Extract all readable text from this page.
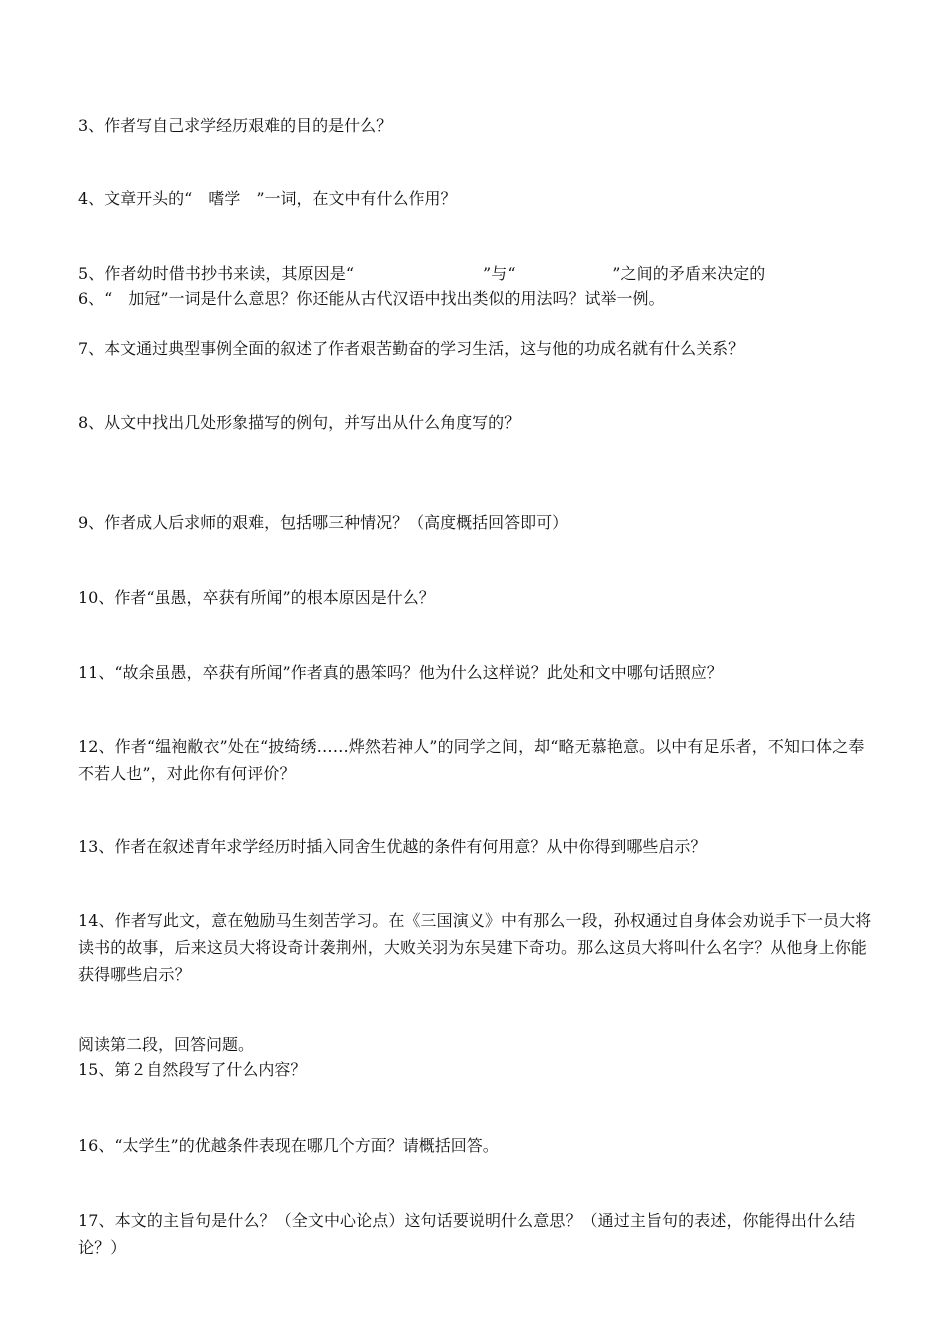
3、作者写自己求学经历艰难的目的是什么？
4、文章开头的“　嗜学　”一词，在文中有什么作用？
5、作者幼时借书抄书来读，其原因是“　　　　　　　　”与“　　　　　　”之间的矛盾来决定的
6、“　加冠”一词是什么意思？你还能从古代汉语中找出类似的用法吗？试举一例。
7、本文通过典型事例全面的叙述了作者艰苦勤奋的学习生活，这与他的功成名就有什么关系？
8、从文中找出几处形象描写的例句，并写出从什么角度写的？
9、作者成人后求师的艰难，包括哪三种情况？（高度概括回答即可）
10、作者“虽愚，卒获有所闻”的根本原因是什么？
11、“故余虽愚，卒获有所闻”作者真的愚笨吗？他为什么这样说？此处和文中哪句话照应？
12、作者“缊袍敝衣”处在“披绮绣……烨然若神人”的同学之间，却“略无慕艳意。以中有足乐者，不知口体之奉不若人也”，对此你有何评价？
13、作者在叙述青年求学经历时插入同舍生优越的条件有何用意？从中你得到哪些启示？
14、作者写此文，意在勉励马生刻苦学习。在《三国演义》中有那么一段，孙权通过自身体会劝说手下一员大将读书的故事，后来这员大将设奇计袭荆州，大败关羽为东吴建下奇功。那么这员大将叫什么名字？从他身上你能获得哪些启示？
阅读第二段，回答问题。
15、第２自然段写了什么内容？
16、“太学生”的优越条件表现在哪几个方面？请概括回答。
17、本文的主旨句是什么？（全文中心论点）这句话要说明什么意思？（通过主旨句的表述，你能得出什么结论？）
